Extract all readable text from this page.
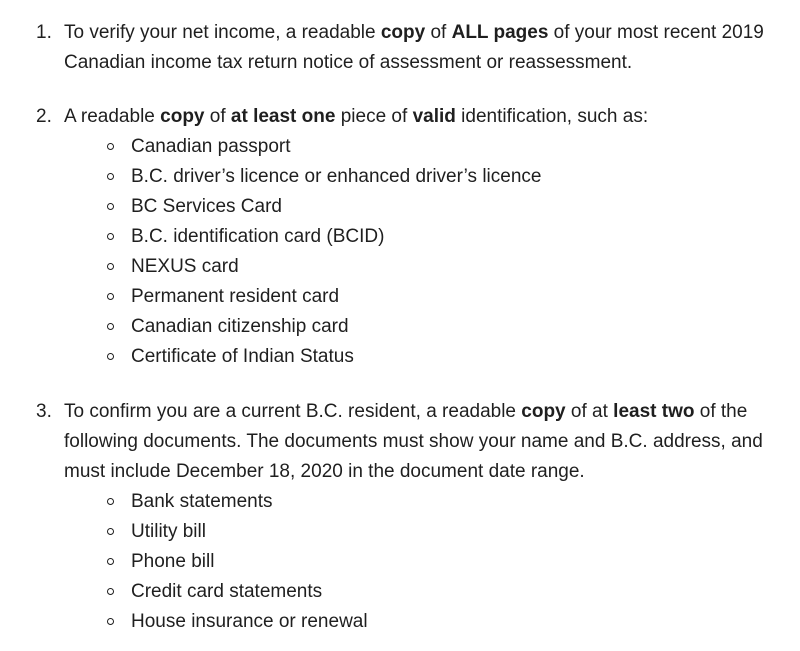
1. To verify your net income, a readable copy of ALL pages of your most recent 2019 Canadian income tax return notice of assessment or reassessment.
2. A readable copy of at least one piece of valid identification, such as:
Canadian passport
B.C. driver’s licence or enhanced driver’s licence
BC Services Card
B.C. identification card (BCID)
NEXUS card
Permanent resident card
Canadian citizenship card
Certificate of Indian Status
3. To confirm you are a current B.C. resident, a readable copy of at least two of the following documents. The documents must show your name and B.C. address, and must include December 18, 2020 in the document date range.
Bank statements
Utility bill
Phone bill
Credit card statements
House insurance or renewal
